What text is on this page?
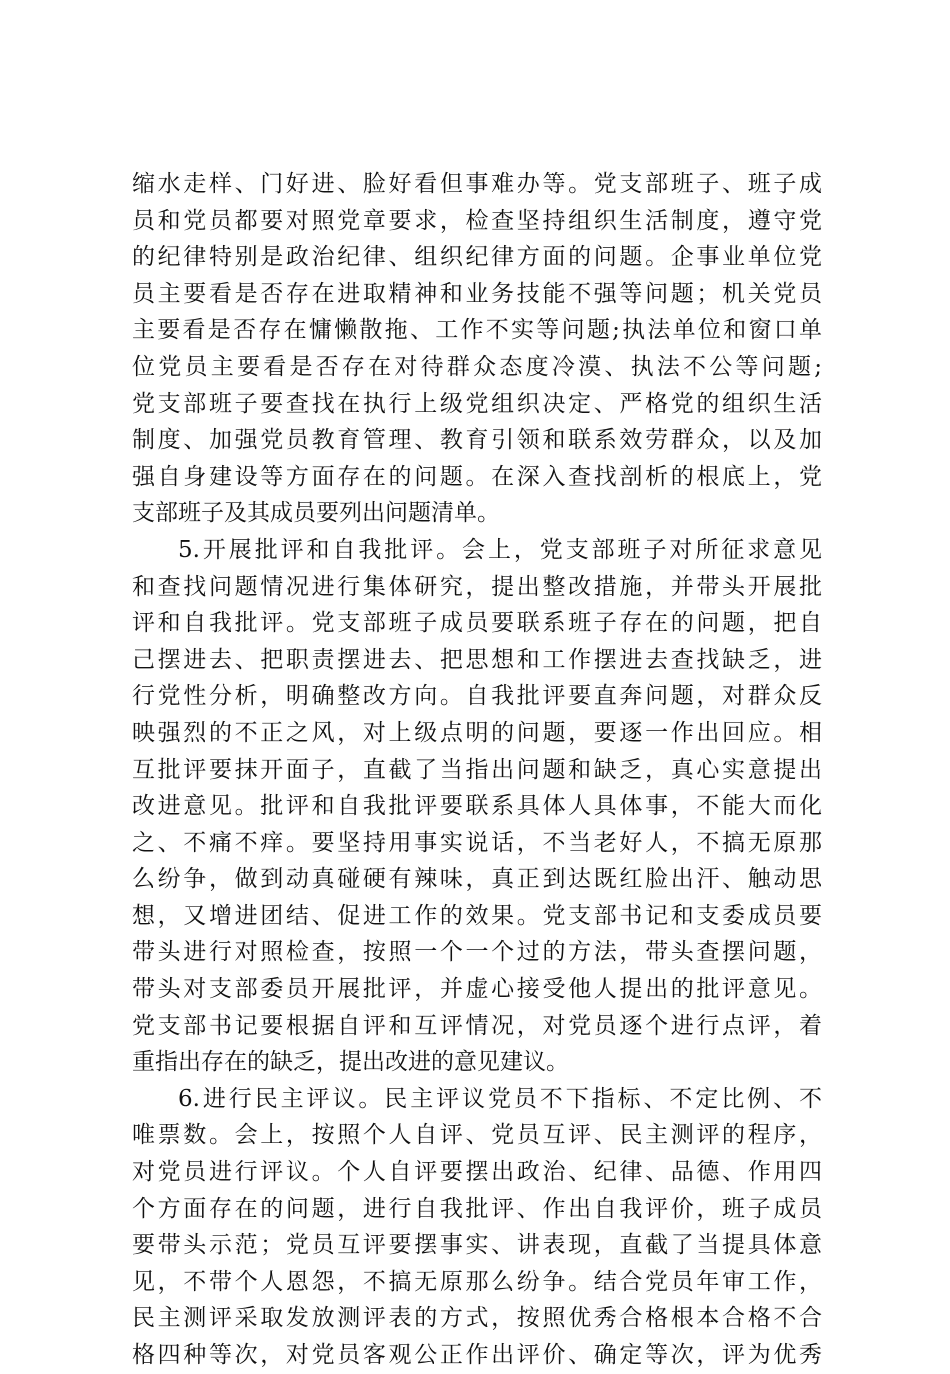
缩水走样、门好进、脸好看但事难办等。党支部班子、班子成
员和党员都要对照党章要求，检查坚持组织生活制度，遵守党
的纪律特别是政治纪律、组织纪律方面的问题。企事业单位党
员主要看是否存在进取精神和业务技能不强等问题；机关党员
主要看是否存在慵懒散拖、工作不实等问题;执法单位和窗口单
位党员主要看是否存在对待群众态度冷漠、执法不公等问题;
党支部班子要查找在执行上级党组织决定、严格党的组织生活
制度、加强党员教育管理、教育引领和联系效劳群众，以及加
强自身建设等方面存在的问题。在深入查找剖析的根底上，党
支部班子及其成员要列出问题清单。
5.开展批评和自我批评。会上，党支部班子对所征求意见
和查找问题情况进行集体研究，提出整改措施，并带头开展批
评和自我批评。党支部班子成员要联系班子存在的问题，把自
己摆进去、把职责摆进去、把思想和工作摆进去查找缺乏，进
行党性分析，明确整改方向。自我批评要直奔问题，对群众反
映强烈的不正之风，对上级点明的问题，要逐一作出回应。相
互批评要抹开面子，直截了当指出问题和缺乏，真心实意提出
改进意见。批评和自我批评要联系具体人具体事，不能大而化
之、不痛不痒。要坚持用事实说话，不当老好人，不搞无原那
么纷争，做到动真碰硬有辣味，真正到达既红脸出汗、触动思
想，又增进团结、促进工作的效果。党支部书记和支委成员要
带头进行对照检查，按照一个一个过的方法，带头查摆问题，
带头对支部委员开展批评，并虚心接受他人提出的批评意见。
党支部书记要根据自评和互评情况，对党员逐个进行点评，着
重指出存在的缺乏，提出改进的意见建议。
6.进行民主评议。民主评议党员不下指标、不定比例、不
唯票数。会上，按照个人自评、党员互评、民主测评的程序，
对党员进行评议。个人自评要摆出政治、纪律、品德、作用四
个方面存在的问题，进行自我批评、作出自我评价，班子成员
要带头示范；党员互评要摆事实、讲表现，直截了当提具体意
见，不带个人恩怨，不搞无原那么纷争。结合党员年审工作，
民主测评采取发放测评表的方式，按照优秀合格根本合格不合
格四种等次，对党员客观公正作出评价、确定等次，评为优秀
